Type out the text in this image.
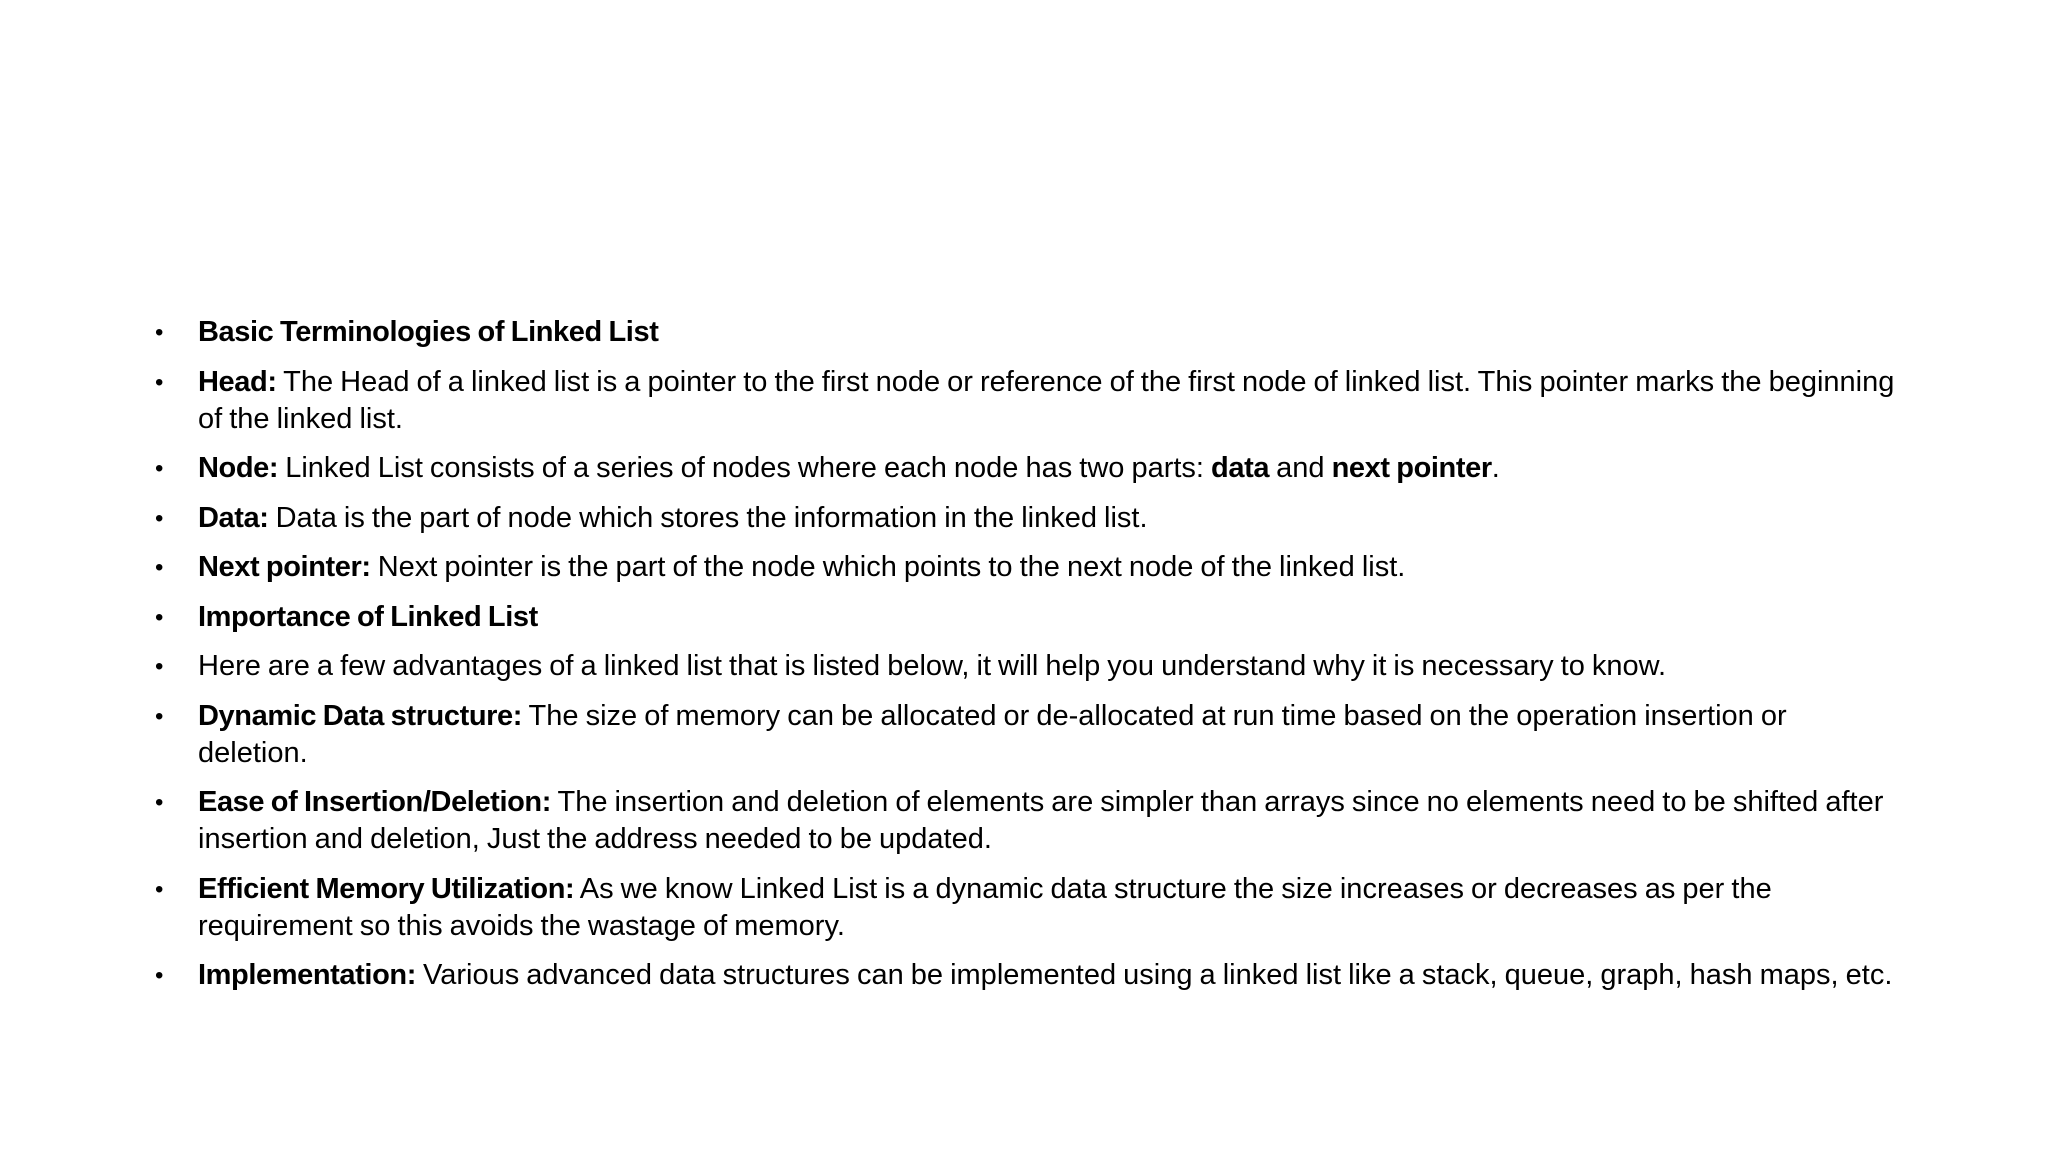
•	Basic Terminologies of Linked List
•	Head: The Head of a linked list is a pointer to the first node or reference of the first node of linked list. This pointer marks the beginning of the linked list.
•	Node: Linked List consists of a series of nodes where each node has two parts: data and next pointer.
•	Data: Data is the part of node which stores the information in the linked list.
•	Next pointer: Next pointer is the part of the node which points to the next node of the linked list.
•	Importance of Linked List
•	Here are a few advantages of a linked list that is listed below, it will help you understand why it is necessary to know.
•	Dynamic Data structure: The size of memory can be allocated or de-allocated at run time based on the operation insertion or deletion.
•	Ease of Insertion/Deletion: The insertion and deletion of elements are simpler than arrays since no elements need to be shifted after insertion and deletion, Just the address needed to be updated.
•	Efficient Memory Utilization: As we know Linked List is a dynamic data structure the size increases or decreases as per the requirement so this avoids the wastage of memory.
•	Implementation: Various advanced data structures can be implemented using a linked list like a stack, queue, graph, hash maps, etc.
